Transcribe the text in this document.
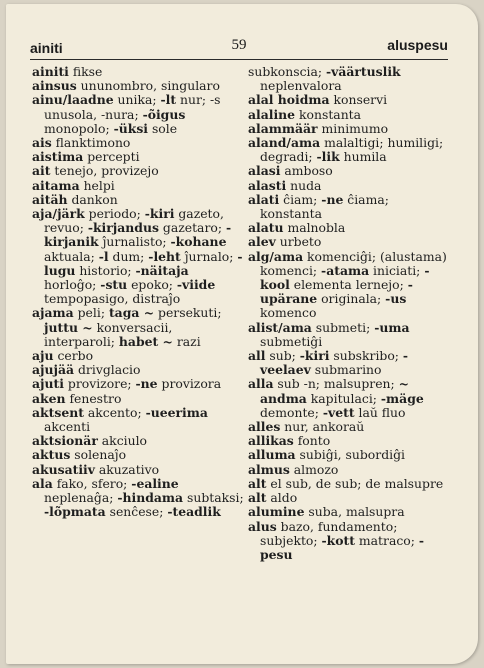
ainiti	59	aluspesu

ainiti fikse

ainsus ununombro, singularo

ainu/laadne unika; -lt nur; -s unusola, -nura; -õigus monopolo; -üksi sole

ais flanktimono

aistima percepti

ait tenejo, provizejo

aitama helpi

aitäh dankon

aja/järk periodo; -kiri gazeto, revuo; -kirjandus gazetaro; -kirjanik ĵurnalisto; -kohane aktuala; -l dum; -leht ĵurnalo; -lugu historio; -näitaja horloĝo; -stu epoko; -viide tempopasigo, distraĵo

ajama peli; taga ~ persekuti; juttu ~ konversacii, interparoli; habet ~ razi

aju cerbo

ajujää drivglacio

ajuti provizore; -ne provizora

aken fenestro

aktsent akcento; -ueerima akcenti

aktsionär akciulo

aktus solenaĵo

akusatiiv akuzativo

ala fako, sfero; -ealine neplenaĝa; -hindama subtaksi; -lõpmata senĉese; -teadlik

subkonscia; -väärtuslik neplenvalora

alal hoidma konservi

alaline konstanta

alammäär minimumo

aland/ama malaltigi; humiligi; degradi; -lik humila

alasi amboso

alasti nuda

alati ĉiam; -ne ĉiama; konstanta

alatu malnobla

alev urbeto

alg/ama komenciĝi; (alustama) komenci; -atama iniciati; -kool elementa lernejo; -upärane originala; -us komenco

alist/ama submeti; -uma submetiĝi

all sub; -kiri subskribo; -veelaev submarino

alla sub -n; malsupren; ~ andma kapitulaci; -mäge demonte; -vett laŭ fluo

alles nur, ankoraŭ

allikas fonto

alluma subiĝi, subordiĝi

almus almozo

alt el sub, de sub; de malsupre

alt aldo

alumine suba, malsupra

alus bazo, fundamento; subjekto; -kott matraco; -pesu
